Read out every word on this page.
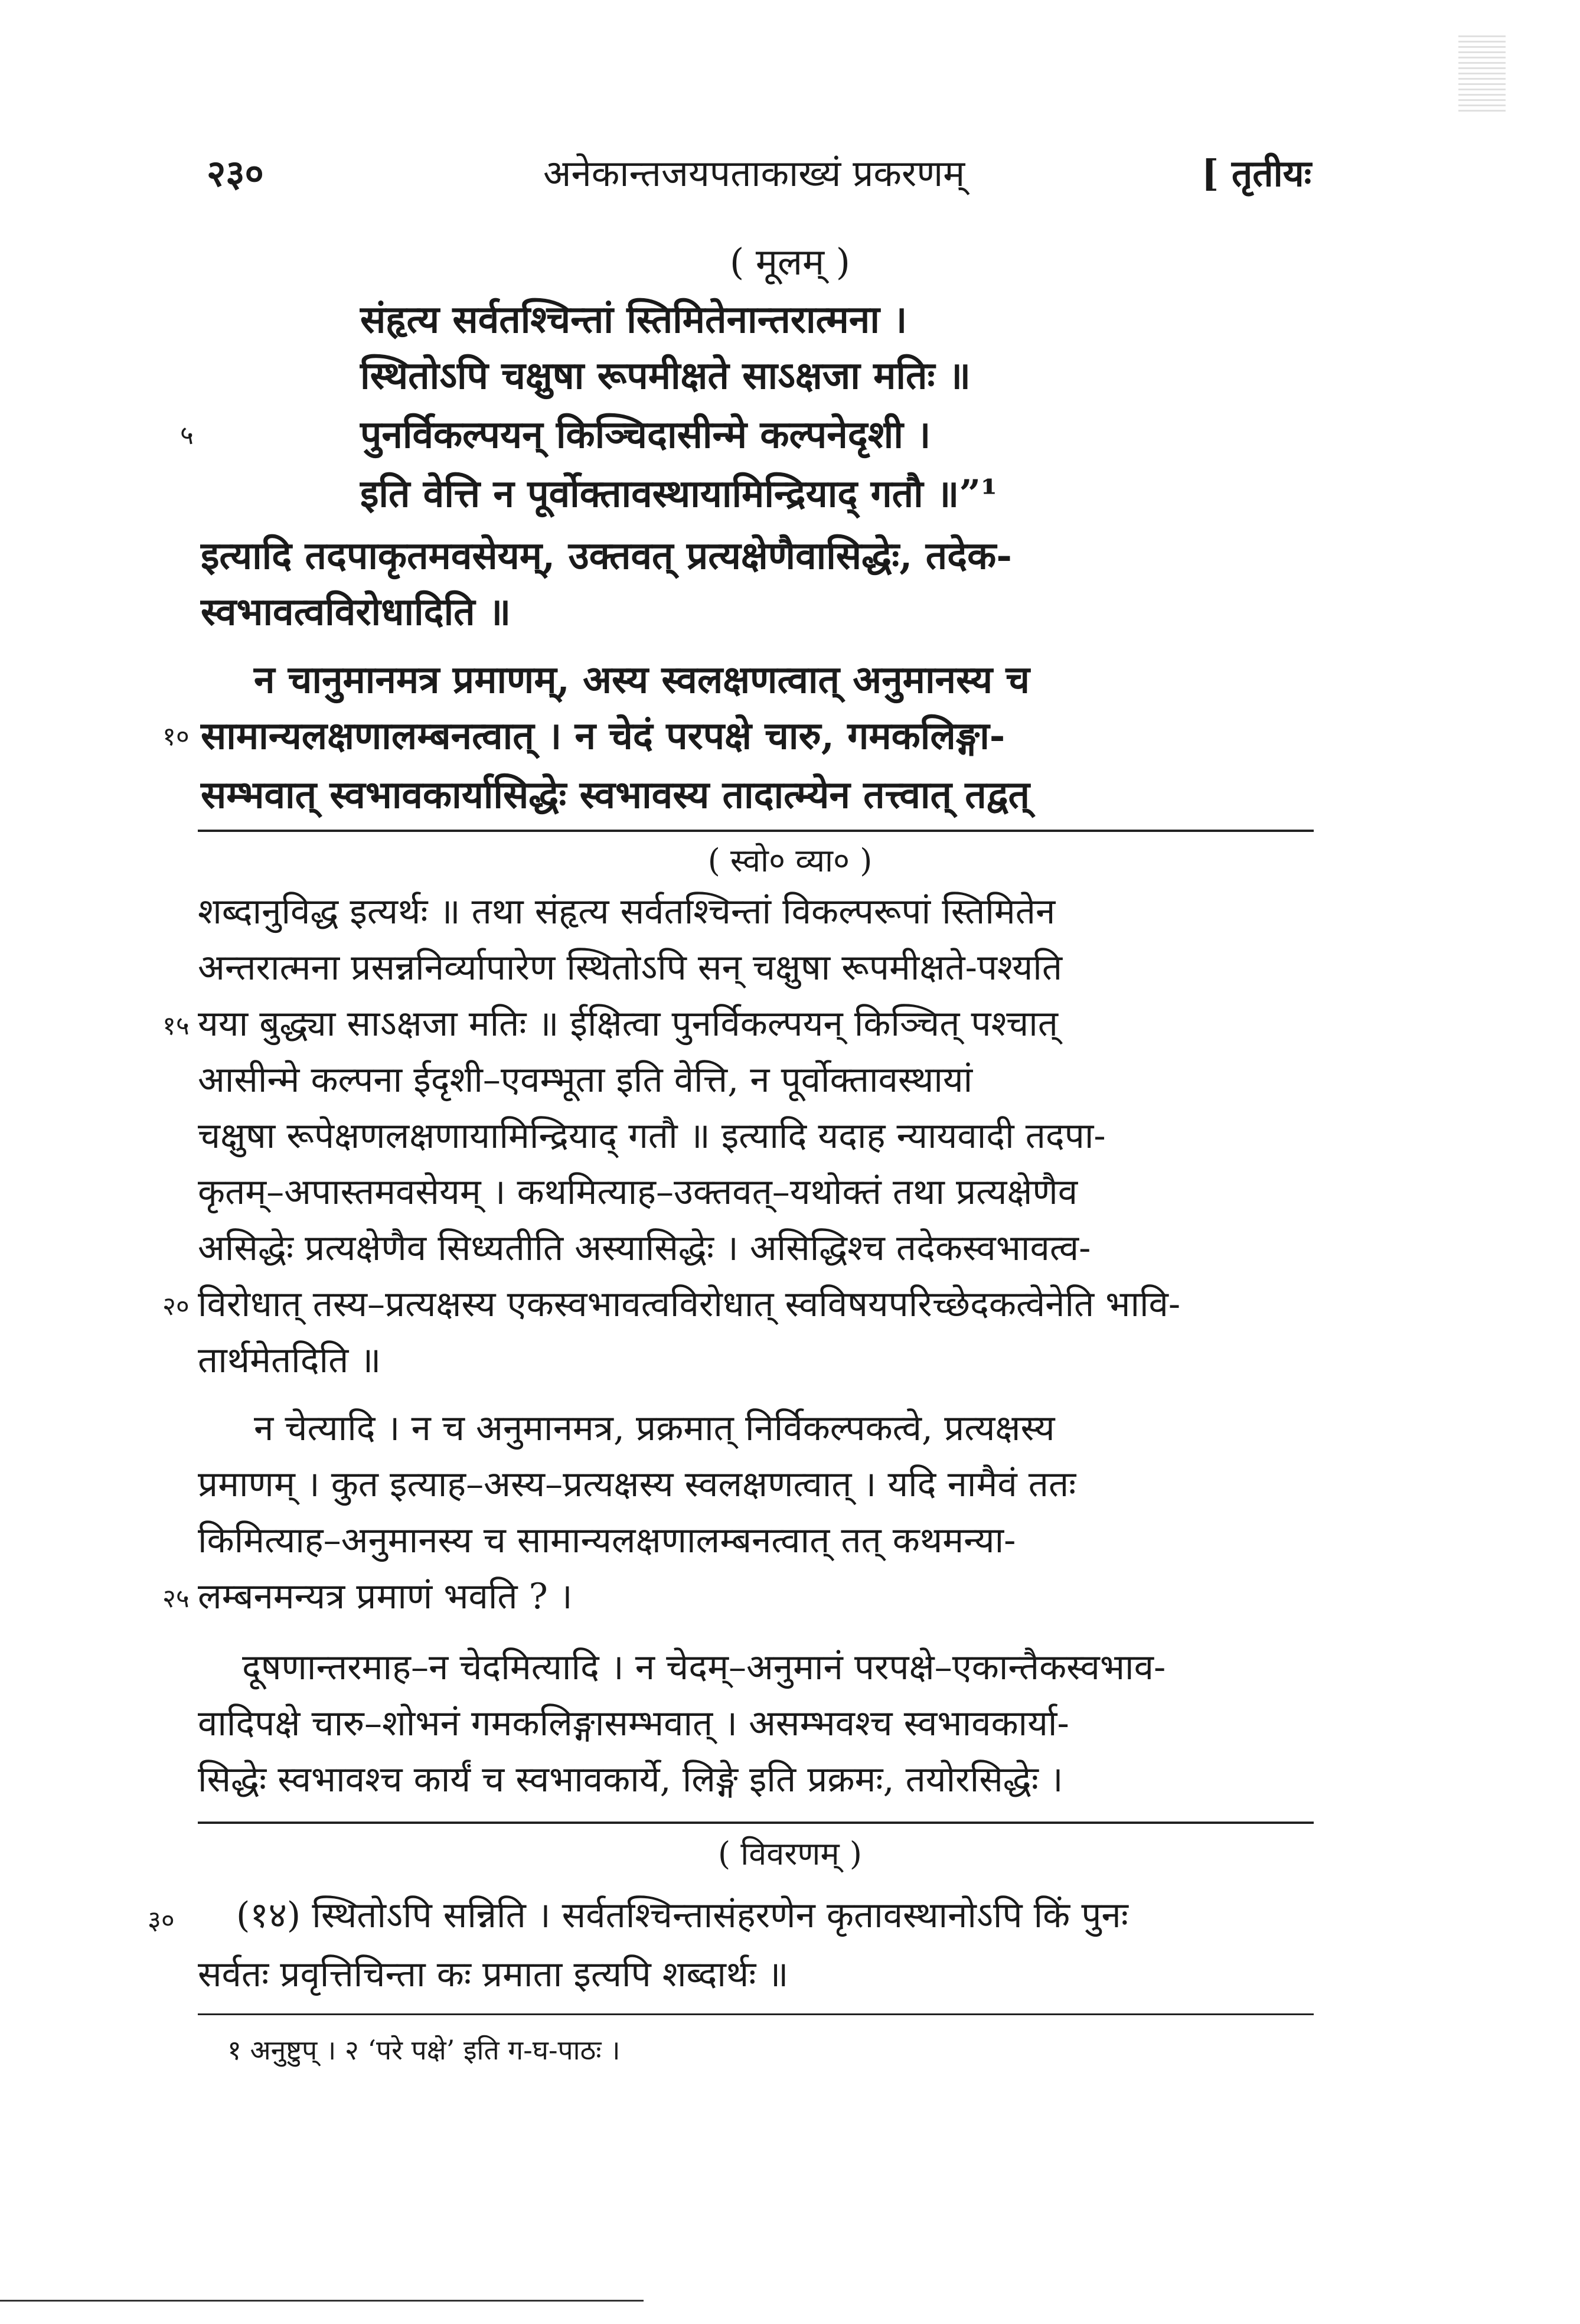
२३०	अनेकान्तजयपताकाख्यं प्रकरणम्	[ तृतीयः
( मूलम् )
संहृत्य सर्वतश्चिन्तां स्तिमितेनान्तरात्मना ।
स्थितोऽपि चक्षुषा रूपमीक्षते साऽक्षजा मतिः ॥
५	पुनर्विकल्पयन् किञ्चिदासीन्मे कल्पनेदृशी ।
इति वेत्ति न पूर्वोक्तावस्थायामिन्द्रियाद् गतौ ॥”¹
इत्यादि तदपाकृतमवसेयम्, उक्तवत् प्रत्यक्षेणैवासिद्धेः, तदेक-
स्वभावत्वविरोधादिति ॥
न चानुमानमत्र प्रमाणम्, अस्य स्वलक्षणत्वात् अनुमानस्य च
१० सामान्यलक्षणालम्बनत्वात् । न चेदं परपक्षे चारु, गमकलिङ्गा-
सम्भवात् स्वभावकार्यासिद्धेः स्वभावस्य तादात्म्येन तत्त्वात् तद्वत्
( स्वो० व्या० )
शब्दानुविद्ध इत्यर्थः ॥ तथा संहृत्य सर्वतश्चिन्तां विकल्परूपां स्तिमितेन
अन्तरात्मना प्रसन्ननिर्व्यापारेण स्थितोऽपि सन् चक्षुषा रूपमीक्षते-पश्यति
१५ यया बुद्ध्या साऽक्षजा मतिः ॥ ईक्षित्वा पुनर्विकल्पयन् किञ्चित् पश्चात्
आसीन्मे कल्पना ईदृशी–एवम्भूता इति वेत्ति, न पूर्वोक्तावस्थायां
चक्षुषा रूपेक्षणलक्षणायामिन्द्रियाद् गतौ ॥ इत्यादि यदाह न्यायवादी तदपा-
कृतम्–अपास्तमवसेयम् । कथमित्याह–उक्तवत्–यथोक्तं तथा प्रत्यक्षेणैव
असिद्धेः प्रत्यक्षेणैव सिध्यतीति अस्यासिद्धेः । असिद्धिश्च तदेकस्वभावत्व-
२० विरोधात् तस्य–प्रत्यक्षस्य एकस्वभावत्वविरोधात् स्वविषयपरिच्छेदकत्वेनेति भावि-
तार्थमेतदिति ॥
न चेत्यादि । न च अनुमानमत्र, प्रक्रमात् निर्विकल्पकत्वे, प्रत्यक्षस्य
प्रमाणम् । कुत इत्याह–अस्य–प्रत्यक्षस्य स्वलक्षणत्वात् । यदि नामैवं ततः
किमित्याह–अनुमानस्य च सामान्यलक्षणालम्बनत्वात् तत् कथमन्या-
२५ लम्बनमन्यत्र प्रमाणं भवति ? ।
दूषणान्तरमाह–न चेदमित्यादि । न चेदम्–अनुमानं परपक्षे–एकान्तैकस्वभाव-
वादिपक्षे चारु–शोभनं गमकलिङ्गासम्भवात् । असम्भवश्च स्वभावकार्या-
सिद्धेः स्वभावश्च कार्यं च स्वभावकार्ये, लिङ्गे इति प्रक्रमः, तयोरसिद्धेः ।
( विवरणम् )
३० (१४) स्थितोऽपि सन्निति । सर्वतश्चिन्तासंहरणेन कृतावस्थानोऽपि किं पुनः
सर्वतः प्रवृत्तिचिन्ता कः प्रमाता इत्यपि शब्दार्थः ॥
१ अनुष्टुप् । २ ‘परे पक्षे’ इति ग-घ-पाठः ।
